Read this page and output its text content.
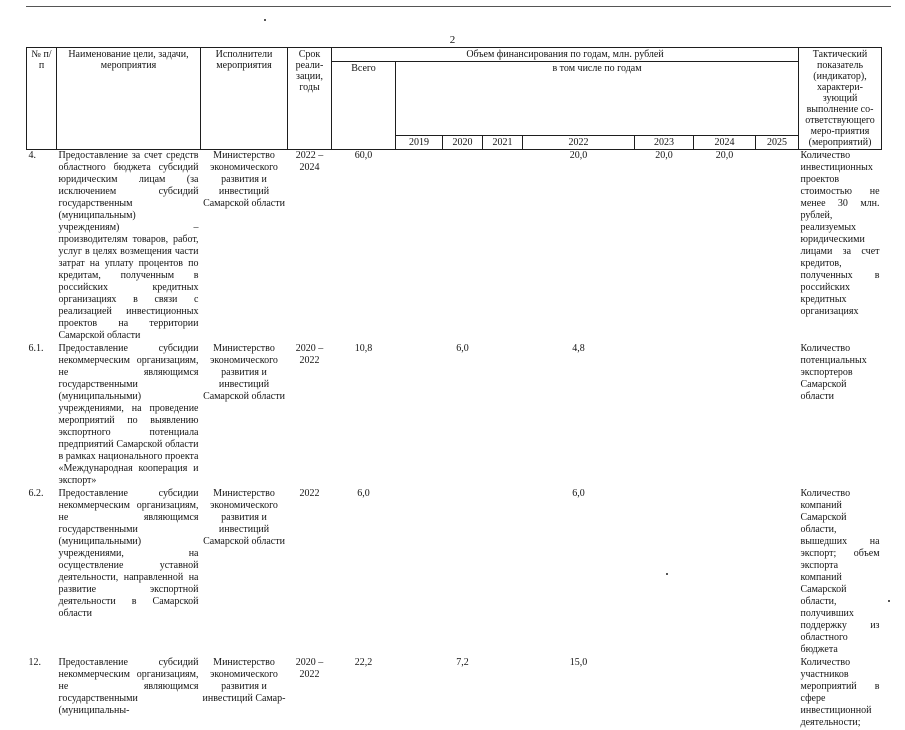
2
№ п/п	Наименование цели, задачи, мероприятия	Исполнители мероприятия	Срок реали-зации, годы	Объем финансирования по годам, млн. рублей								Тактический показатель (индикатор), характери-зующий выполнение со-ответствующего меро-приятия (мероприятий)
				Всего	в том числе по годам							
					2019	2020	2021	2022	2023	2024	2025	
4.	Предоставление за счет средств областного бюджета субсидий юридическим лицам (за исключением субсидий государственным (муниципальным) учреждениям) – производителям товаров, работ, услуг в целях возмещения части затрат на уплату процентов по кредитам, полученным в российских кредитных организациях в связи с реализацией инвестиционных проектов на территории Самарской области	Министерство экономического развития и инвестиций Самарской области	2022 – 2024	60,0				20,0	20,0	20,0		Количество инвестиционных проектов стоимостью не менее 30 млн. рублей, реализуемых юридическими лицами за счет кредитов, полученных в российских кредитных организациях
6.1.	Предоставление субсидии некоммерческим организациям, не являющимся государственными (муниципальными) учреждениями, на проведение мероприятий по выявлению экспортного потенциала предприятий Самарской области в рамках национального проекта «Международная кооперация и экспорт»	Министерство экономического развития и инвестиций Самарской области	2020 – 2022	10,8		6,0		4,8				Количество потенциальных экспортеров Самарской области
6.2.	Предоставление субсидии некоммерческим организациям, не являющимся государственными (муниципальными) учреждениями, на осуществление уставной деятельности, направленной на развитие экспортной деятельности в Самарской области	Министерство экономического развития и инвестиций Самарской области	2022	6,0				6,0				Количество компаний Самарской области, вышедших на экспорт; объем экспорта компаний Самарской области, получивших поддержку из областного бюджета
12.	Предоставление субсидий некоммерческим организациям, не являющимся государственными (муниципальны-	Министерство экономического развития и инвестиций Самар-	2020 – 2022	22,2		7,2		15,0				Количество участников мероприятий в сфере инвестиционной деятельности;
